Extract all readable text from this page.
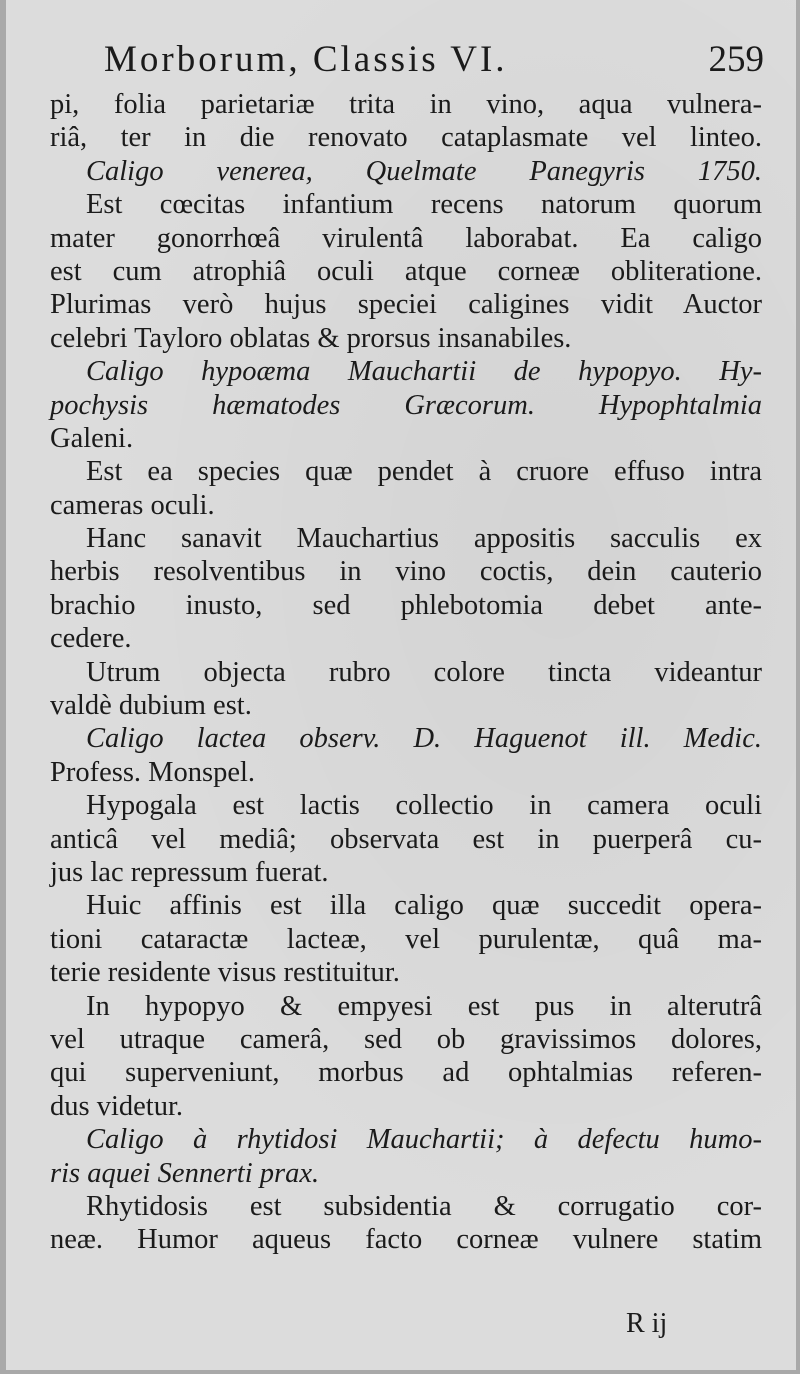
Morborum, Classis VI.	259
pi, folia parietariæ trita in vino, aqua vulnera-
riâ, ter in die renovato cataplasmate vel linteo.
Caligo venerea, Quelmate Panegyris 1750.
Est cœcitas infantium recens natorum quorum
mater gonorrhœâ virulentâ laborabat. Ea caligo
est cum atrophiâ oculi atque corneæ obliteratione.
Plurimas verò hujus speciei caligines vidit Auctor
celebri Tayloro oblatas & prorsus insanabiles.
Caligo hypoæma Mauchartii de hypopyo. Hy-
pochysis hæmatodes Græcorum. Hypophtalmia
Galeni.
Est ea species quæ pendet à cruore effuso intra
cameras oculi.
Hanc sanavit Mauchartius appositis sacculis ex
herbis resolventibus in vino coctis, dein cauterio
brachio inusto, sed phlebotomia debet ante-
cedere.
Utrum objecta rubro colore tincta videantur
valdè dubium est.
Caligo lactea observ. D. Haguenot ill. Medic.
Profess. Monspel.
Hypogala est lactis collectio in camera oculi
anticâ vel mediâ; observata est in puerperâ cu-
jus lac repressum fuerat.
Huic affinis est illa caligo quæ succedit opera-
tioni cataractæ lacteæ, vel purulentæ, quâ ma-
terie residente visus restituitur.
In hypopyo & empyesi est pus in alterutrâ
vel utraque camerâ, sed ob gravissimos dolores,
qui superveniunt, morbus ad ophtalmias referen-
dus videtur.
Caligo à rhytidosi Mauchartii; à defectu humo-
ris aquei Sennerti prax.
Rhytidosis est subsidentia & corrugatio cor-
neæ. Humor aqueus facto corneæ vulnere statim
R ij
